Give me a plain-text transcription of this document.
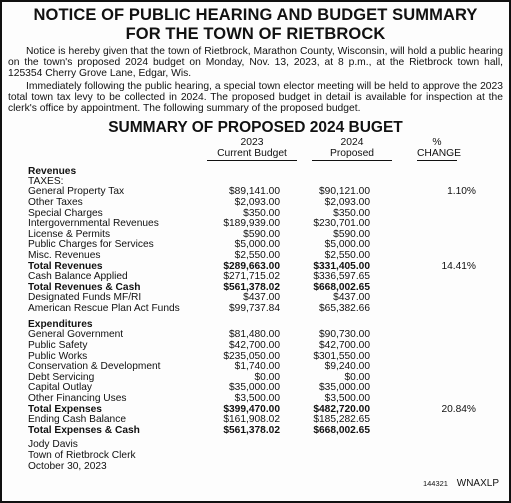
NOTICE OF PUBLIC HEARING AND BUDGET SUMMARY
FOR THE TOWN OF RIETBROCK
Notice is hereby given that the town of Rietbrock, Marathon County, Wisconsin, will hold a public hearing on the town's proposed 2024 budget on Monday, Nov. 13, 2023, at 8 p.m., at the Rietbrock town hall, 125354 Cherry Grove Lane, Edgar, Wis.
Immediately following the public hearing, a special town elector meeting will be held to approve the 2023 total town tax levy to be collected in 2024. The proposed budget in detail is available for inspection at the clerk's office by appointment. The following summary of the proposed budget.
SUMMARY OF PROPOSED 2024 BUGET
2023
Current Budget
2024
Proposed
%
CHANGE
Revenues
TAXES:
General Property Tax	$89,141.00	$90,121.00	1.10%
Other Taxes	$2,093.00	$2,093.00
Special Charges	$350.00	$350.00
Intergovernmental Revenues	$189,939.00	$230,701.00
License & Permits	$590.00	$590.00
Public Charges for Services	$5,000.00	$5,000.00
Misc. Revenues	$2,550.00	$2,550.00
Total Revenues	$289,663.00	$331,405.00	14.41%
Cash Balance Applied	$271,715.02	$336,597.65
Total Revenues & Cash	$561,378.02	$668,002.65
Designated Funds MF/RI	$437.00	$437.00
American Rescue Plan Act Funds	$99,737.84	$65,382.66
Expenditures
General Government	$81,480.00	$90,730.00
Public Safety	$42,700.00	$42,700.00
Public Works	$235,050.00	$301,550.00
Conservation & Development	$1,740.00	$9,240.00
Debt Servicing	$0.00	$0.00
Capital Outlay	$35,000.00	$35,000.00
Other Financing Uses	$3,500.00	$3,500.00
Total Expenses	$399,470.00	$482,720.00	20.84%
Ending Cash Balance	$161,908.02	$185,282.65
Total Expenses & Cash	$561,378.02	$668,002.65
Jody Davis
Town of Rietbrock Clerk
October 30, 2023
144321 WNAXLP
